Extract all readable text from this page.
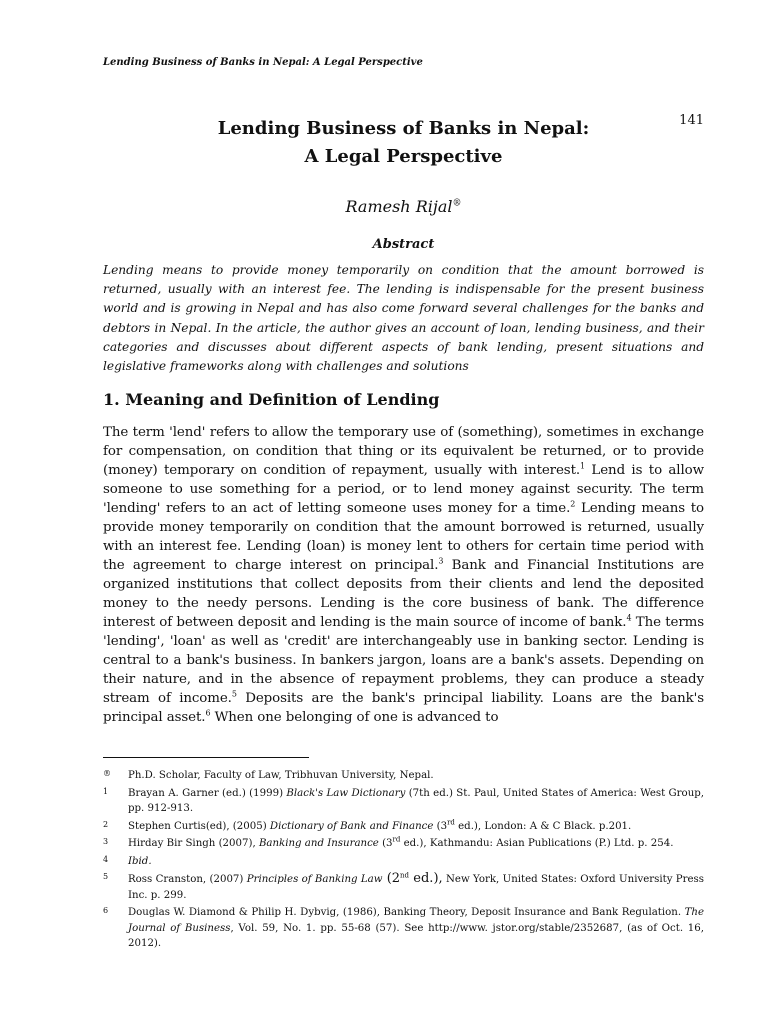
Lending Business of Banks in Nepal: A Legal Perspective
141
Lending Business of Banks in Nepal:
A Legal Perspective
Ramesh Rijal®
Abstract
Lending means to provide money temporarily on condition that the amount borrowed is returned, usually with an interest fee. The lending is indispensable for the present business world and is growing in Nepal and has also come forward several challenges for the banks and debtors in Nepal. In the article, the author gives an account of loan, lending business, and their categories and discusses about different aspects of bank lending, present situations and legislative frameworks along with challenges and solutions
1. Meaning and Definition of Lending
The term 'lend' refers to allow the temporary use of (something), sometimes in exchange for compensation, on condition that thing or its equivalent be returned, or to provide (money) temporary on condition of repayment, usually with interest.$^1$ Lend is to allow someone to use something for a period, or to lend money against security. The term 'lending' refers to an act of letting someone uses money for a time.$^2$ Lending means to provide money temporarily on condition that the amount borrowed is returned, usually with an interest fee. Lending (loan) is money lent to others for certain time period with the agreement to charge interest on principal.$^3$ Bank and Financial Institutions are organized institutions that collect deposits from their clients and lend the deposited money to the needy persons. Lending is the core business of bank. The difference interest of between deposit and lending is the main source of income of bank.$^4$ The terms 'lending', 'loan' as well as 'credit' are interchangeably use in banking sector. Lending is central to a bank's business. In bankers jargon, loans are a bank's assets. Depending on their nature, and in the absence of repayment problems, they can produce a steady stream of income.$^5$ Deposits are the bank's principal liability. Loans are the bank's principal asset.$^6$ When one belonging of one is advanced to
® Ph.D. Scholar, Faculty of Law, Tribhuvan University, Nepal.
1 Brayan A. Garner (ed.) (1999) Black's Law Dictionary (7th ed.) St. Paul, United States of America: West Group, pp. 912-913.
2 Stephen Curtis(ed), (2005) Dictionary of Bank and Finance (3rd ed.), London: A & C Black. p.201.
3 Hirday Bir Singh (2007), Banking and Insurance (3rd ed.), Kathmandu: Asian Publications (P.) Ltd. p. 254.
4 Ibid.
5 Ross Cranston, (2007) Principles of Banking Law (2nd ed.), New York, United States: Oxford University Press Inc. p. 299.
6 Douglas W. Diamond & Philip H. Dybvig, (1986), Banking Theory, Deposit Insurance and Bank Regulation. The Journal of Business, Vol. 59, No. 1. pp. 55-68 (57). See http://www. jstor.org/stable/2352687, (as of Oct. 16, 2012).
